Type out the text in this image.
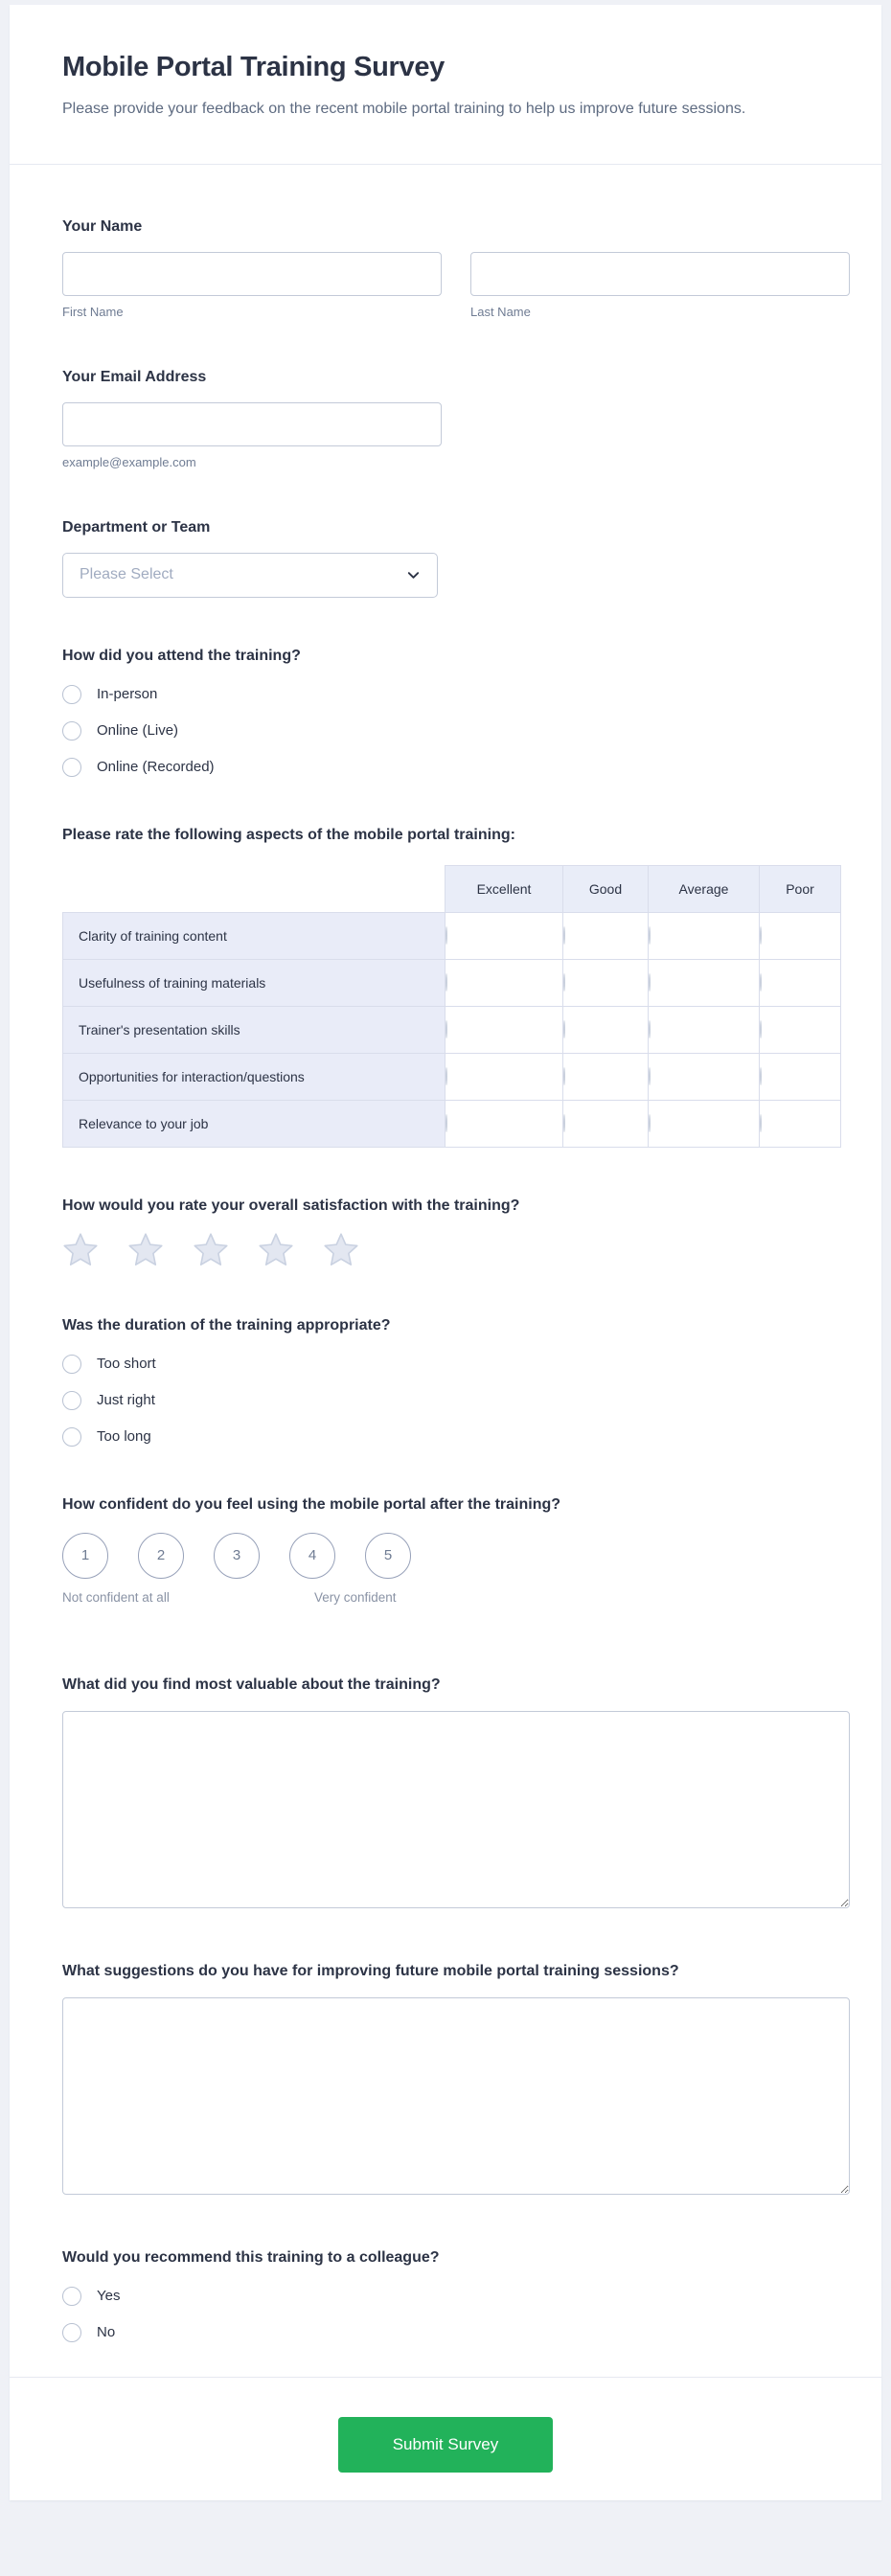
Mobile Portal Training Survey

Please provide your feedback on the recent mobile portal training to help us improve future sessions.

Your Name
First Name	Last Name
Your Email Address
example@example.com
Department or Team
Please Select
How did you attend the training?
In-person
Online (Live)
Online (Recorded)
Please rate the following aspects of the mobile portal training:
	Excellent	Good	Average	Poor
Clarity of training content				
Usefulness of training materials				
Trainer's presentation skills				
Opportunities for interaction/questions				
Relevance to your job				
How would you rate your overall satisfaction with the training?
Was the duration of the training appropriate?
Too short
Just right
Too long
How confident do you feel using the mobile portal after the training?
1	2	3	4	5
Not confident at all	Very confident
What did you find most valuable about the training?
What suggestions do you have for improving future mobile portal training sessions?
Would you recommend this training to a colleague?
Yes
No
Submit Survey
